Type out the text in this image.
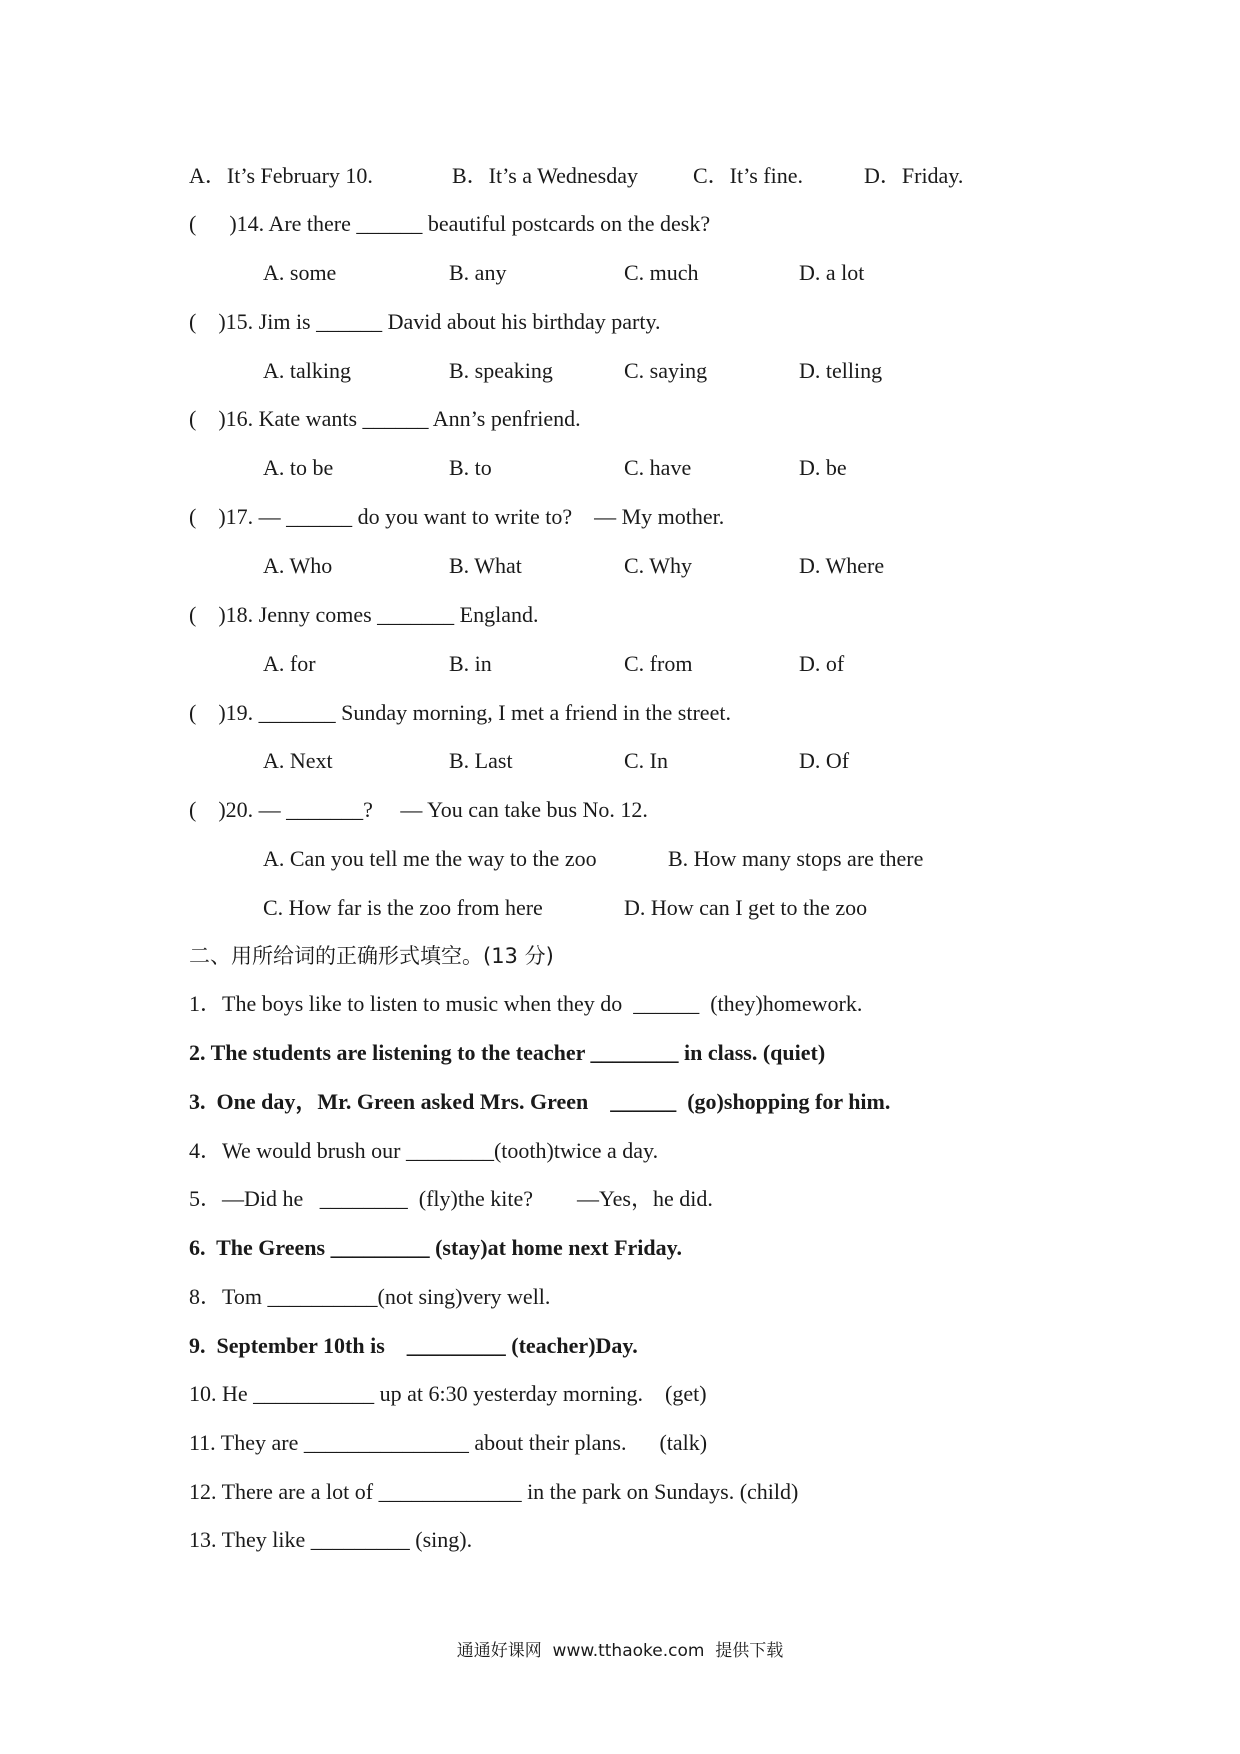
A．It’s February 10.	B．It’s a Wednesday C．It’s fine.	D．Friday.
(      )14. Are there ______ beautiful postcards on the desk?
A. some	B. any	C. much	D. a lot
(    )15. Jim is ______ David about his birthday party.
A. talking	B. speaking	C. saying	D. telling
(    )16. Kate wants ______ Ann’s penfriend.
A. to be	B. to	C. have	D. be
(    )17. — ______ do you want to write to?    — My mother.
A. Who	B. What	C. Why	D. Where
(    )18. Jenny comes _______ England.
A. for	B. in	C. from	D. of
(    )19. _______ Sunday morning, I met a friend in the street.
A. Next	B. Last	C. In	D. Of
(    )20. — _______?     — You can take bus No. 12.
A. Can you tell me the way to the zoo	B. How many stops are there
C. How far is the zoo from here	D. How can I get to the zoo
二、用所给词的正确形式填空。(13 分)
1．The boys like to listen to music when they do  ______  (they)homework.
2. The students are listening to the teacher ________ in class. (quiet)
3.  One day，Mr. Green asked Mrs. Green    ______  (go)shopping for him.
4．We would brush our ________(tooth)twice a day.
5．—Did he   ________  (fly)the kite?        —Yes，he did.
6.  The Greens _________ (stay)at home next Friday.
8．Tom __________(not sing)very well.
9.  September 10th is    _________ (teacher)Day.
10. He ___________ up at 6:30 yesterday morning.    (get)
11. They are _______________ about their plans.      (talk)
12. There are a lot of _____________ in the park on Sundays. (child)
13. They like _________ (sing).
通通好课网  www.tthaoke.com  提供下载
